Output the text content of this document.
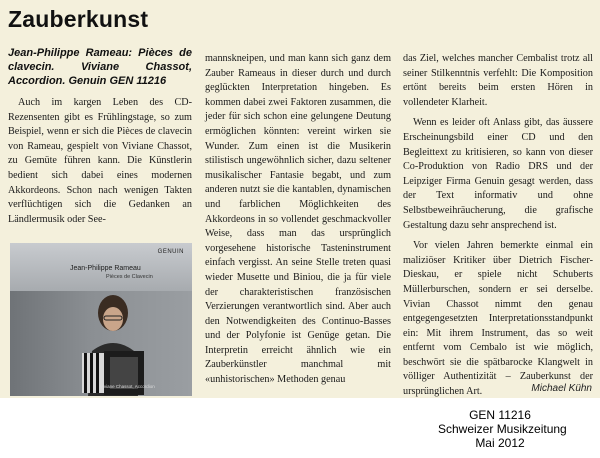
Zauberkunst

Jean-Philippe Rameau: Pièces de clavecin. Viviane Chassot, Accordion. Genuin GEN 11216

Auch im kargen Leben des CD-Rezensenten gibt es Frühlingstage, so zum Beispiel, wenn er sich die Pièces de clavecin von Rameau, gespielt von Viviane Chassot, zu Gemüte führen kann. Die Künstlerin bedient sich dabei eines modernen Akkordeons. Schon nach wenigen Takten verflüchtigen sich die Gedanken an Ländlermusik oder See-

GENUIN
Jean-Philippe Rameau
Pièces de Clavecin
Viviane Chassot, Accordion

mannskneipen, und man kann sich ganz dem Zauber Rameaus in dieser durch und durch geglückten Interpretation hingeben. Es kommen dabei zwei Faktoren zusammen, die jeder für sich schon eine gelungene Deutung ermöglichen könnten: vereint wirken sie Wunder. Zum einen ist die Musikerin stilistisch ungewöhnlich sicher, dazu seltener musikalischer Fantasie begabt, und zum anderen nutzt sie die kantablen, dynamischen und farblichen Möglichkeiten des Akkordeons in so vollendet geschmackvoller Weise, dass man das ursprünglich vorgesehene historische Tasteninstrument einfach vergisst. An seine Stelle treten quasi wieder Musette und Biniou, die ja für viele der charakteristischen französischen Verzierungen verantwortlich sind. Aber auch den Notwendigkeiten des Continuo-Basses und der Polyfonie ist Genüge getan. Die Interpretin erreicht ähnlich wie ein Zauberkünstler manchmal mit «unhistorischen» Methoden genau

das Ziel, welches mancher Cembalist trotz all seiner Stilkenntnis verfehlt: Die Komposition ertönt bereits beim ersten Hören in vollendeter Klarheit.

Wenn es leider oft Anlass gibt, das äussere Erscheinungsbild einer CD und den Begleittext zu kritisieren, so kann von dieser Co-Produktion von Radio DRS und der Leipziger Firma Genuin gesagt werden, dass der Text informativ und ohne Selbstbeweihräucherung, die grafische Gestaltung dazu sehr ansprechend ist.

Vor vielen Jahren bemerkte einmal ein maliziöser Kritiker über Dietrich Fischer-Dieskau, er spiele nicht Schuberts Müllerburschen, sondern er sei derselbe. Vivian Chassot nimmt den genau entgegengesetzten Interpretationsstandpunkt ein: Mit ihrem Instrument, das so weit entfernt vom Cembalo ist wie möglich, beschwört sie die spätbarocke Klangwelt in völliger Authentizität – Zauberkunst der ursprünglichen Art.	Michael Kühn
GEN 11216
Schweizer Musikzeitung
Mai 2012
